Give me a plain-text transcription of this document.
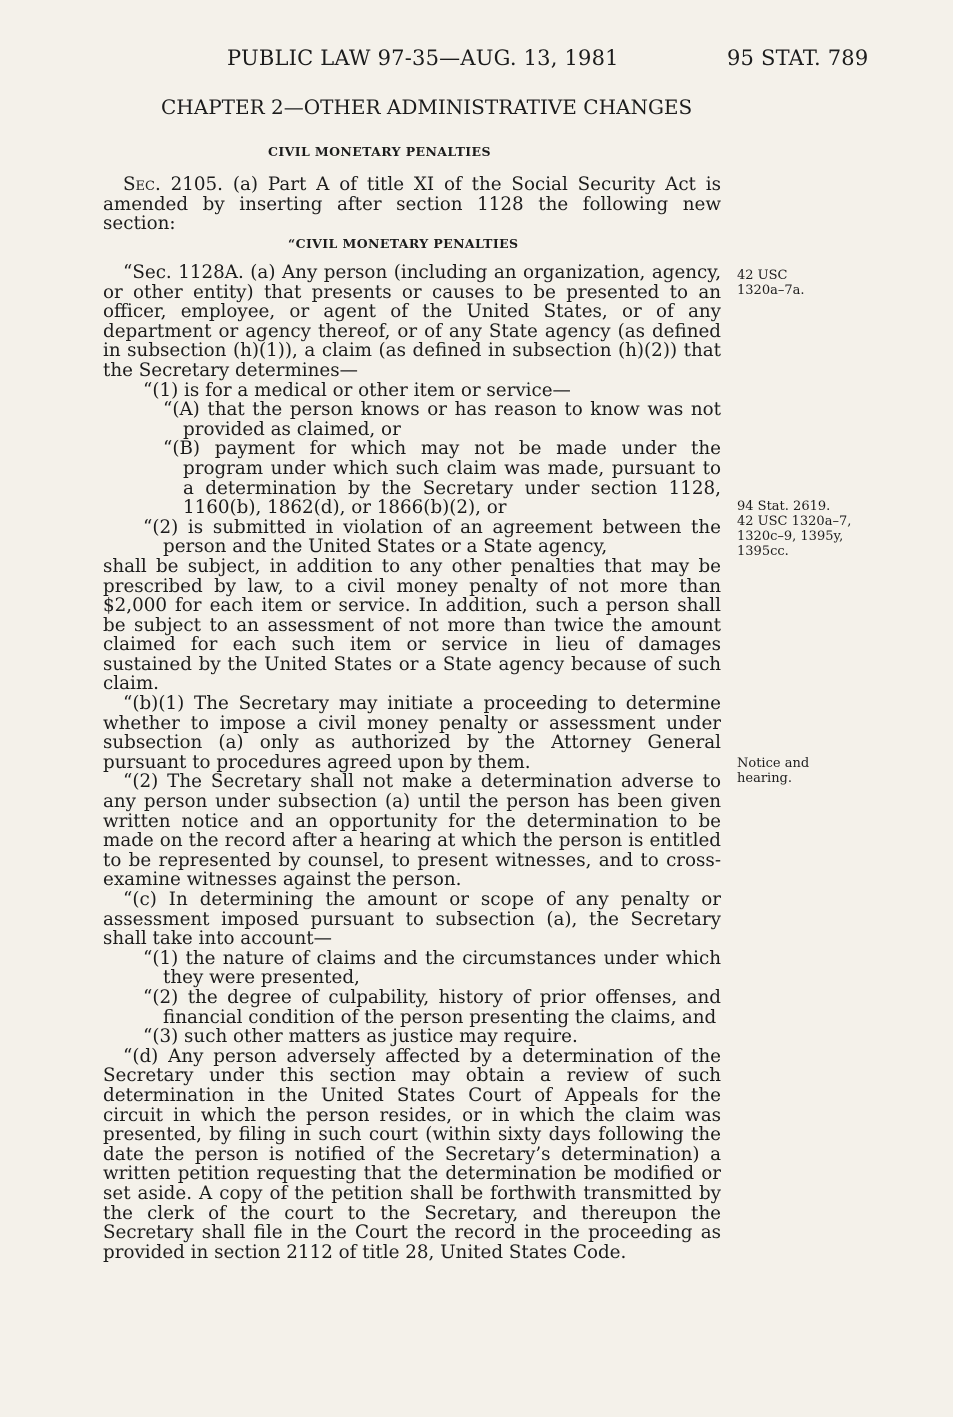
PUBLIC LAW 97-35—AUG. 13, 1981	95 STAT. 789
CHAPTER 2—OTHER ADMINISTRATIVE CHANGES
CIVIL MONETARY PENALTIES

Sec. 2105. (a) Part A of title XI of the Social Security Act is amended by inserting after section 1128 the following new section:

“CIVIL MONETARY PENALTIES

“Sec. 1128A. (a) Any person (including an organization, agency, or other entity) that presents or causes to be presented to an officer, employee, or agent of the United States, or of any department or agency thereof, or of any State agency (as defined in subsection (h)(1)), a claim (as defined in subsection (h)(2)) that the Secretary determines—

“(1) is for a medical or other item or service—

“(A) that the person knows or has reason to know was not provided as claimed, or

“(B) payment for which may not be made under the program under which such claim was made, pursuant to a determination by the Secretary under section 1128, 1160(b), 1862(d), or 1866(b)(2), or

“(2) is submitted in violation of an agreement between the person and the United States or a State agency,

shall be subject, in addition to any other penalties that may be prescribed by law, to a civil money penalty of not more than $2,000 for each item or service. In addition, such a person shall be subject to an assessment of not more than twice the amount claimed for each such item or service in lieu of damages sustained by the United States or a State agency because of such claim.

“(b)(1) The Secretary may initiate a proceeding to determine whether to impose a civil money penalty or assessment under subsection (a) only as authorized by the Attorney General pursuant to procedures agreed upon by them.

“(2) The Secretary shall not make a determination adverse to any person under subsection (a) until the person has been given written notice and an opportunity for the determination to be made on the record after a hearing at which the person is entitled to be represented by counsel, to present witnesses, and to cross-examine witnesses against the person.

“(c) In determining the amount or scope of any penalty or assessment imposed pursuant to subsection (a), the Secretary shall take into account—

“(1) the nature of claims and the circumstances under which they were presented,

“(2) the degree of culpability, history of prior offenses, and financial condition of the person presenting the claims, and

“(3) such other matters as justice may require.

“(d) Any person adversely affected by a determination of the Secretary under this section may obtain a review of such determination in the United States Court of Appeals for the circuit in which the person resides, or in which the claim was presented, by filing in such court (within sixty days following the date the person is notified of the Secretary’s determination) a written petition requesting that the determination be modified or set aside. A copy of the petition shall be forthwith transmitted by the clerk of the court to the Secretary, and thereupon the Secretary shall file in the Court the record in the proceeding as provided in section 2112 of title 28, United States Code.

42 USC
1320a–7a.
94 Stat. 2619.
42 USC 1320a–7,
1320c–9, 1395y,
1395cc.
Notice and
hearing.
